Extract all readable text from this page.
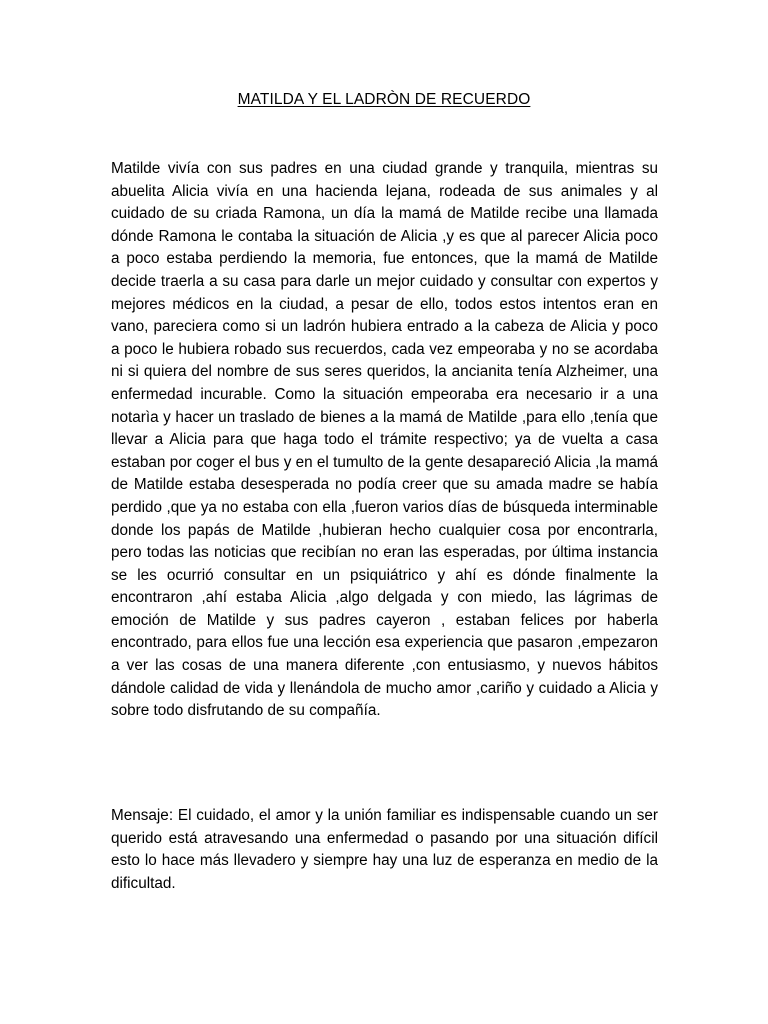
MATILDA Y EL LADRÒN DE RECUERDO

Matilde vivía con sus padres en una ciudad grande y tranquila, mientras su abuelita Alicia vivía en una hacienda lejana, rodeada de sus animales y al cuidado de su criada Ramona, un día la mamá de Matilde recibe una llamada dónde Ramona le contaba la situación de Alicia ,y es que al parecer Alicia poco a poco estaba perdiendo la memoria, fue entonces, que la mamá de Matilde decide traerla a su casa para darle un mejor cuidado y consultar con expertos y mejores médicos en la ciudad, a pesar de ello, todos estos intentos eran en vano, pareciera como si un ladrón hubiera entrado a la cabeza de Alicia y poco a poco le hubiera robado sus recuerdos, cada vez empeoraba y no se acordaba ni si quiera del nombre de sus seres queridos, la ancianita tenía Alzheimer, una enfermedad incurable. Como la situación empeoraba era necesario ir a una notarìa y hacer un traslado de bienes a la mamá de Matilde ,para ello ,tenía que llevar a Alicia para que haga todo el trámite respectivo; ya de vuelta a casa estaban por coger el bus y en el tumulto de la gente desapareció Alicia ,la mamá de Matilde estaba desesperada no podía creer que su amada madre se había perdido ,que ya no estaba con ella ,fueron varios días de búsqueda interminable donde los papás de Matilde ,hubieran hecho cualquier cosa por encontrarla, pero todas las noticias que recibían no eran las esperadas, por última instancia se les ocurrió consultar en un psiquiátrico y ahí es dónde finalmente la encontraron ,ahí estaba Alicia ,algo delgada y con miedo, las lágrimas de emoción de Matilde y sus padres cayeron , estaban felices por haberla encontrado, para ellos fue una lección esa experiencia que pasaron ,empezaron a ver las cosas de una manera diferente ,con entusiasmo, y nuevos hábitos dándole calidad de vida y llenándola de mucho amor ,cariño y cuidado a Alicia y sobre todo disfrutando de su compañía.

Mensaje: El cuidado, el amor y la unión familiar es indispensable cuando un ser querido está atravesando una enfermedad o pasando por una situación difícil esto lo hace más llevadero y siempre hay una luz de esperanza en medio de la dificultad.
